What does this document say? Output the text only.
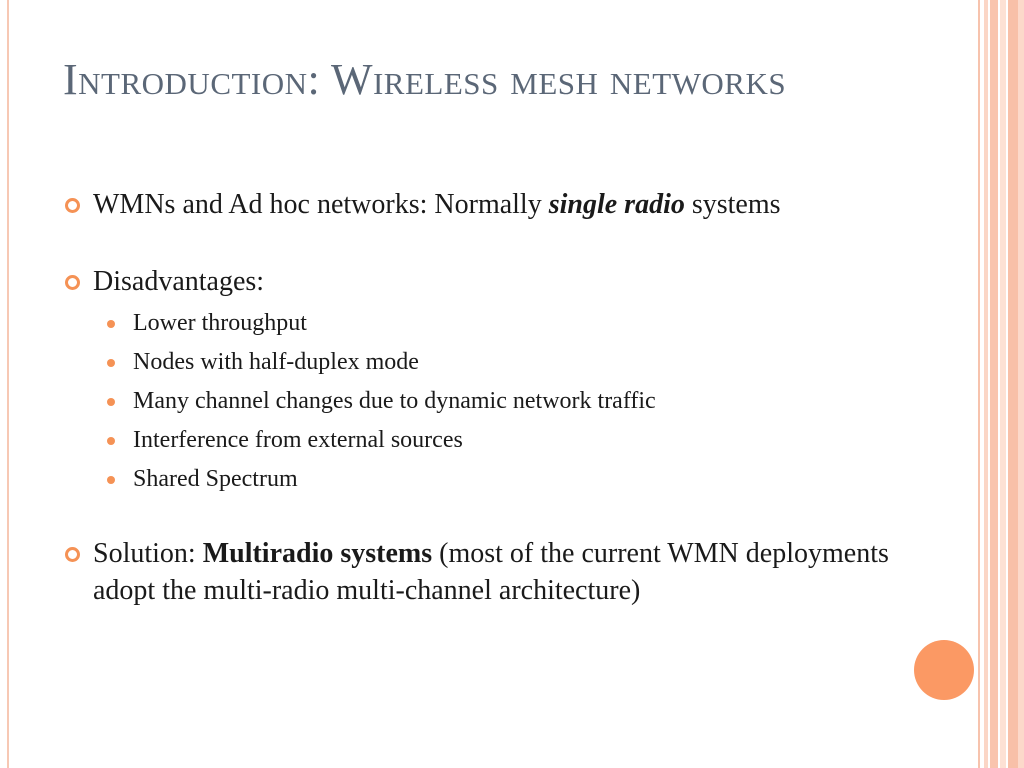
Introduction: Wireless mesh networks
WMNs and Ad hoc networks: Normally single radio systems
Disadvantages:
Lower throughput
Nodes with half-duplex mode
Many channel changes due to dynamic network traffic
Interference from external sources
Shared Spectrum
Solution: Multiradio systems (most of the current WMN deployments adopt the multi-radio multi-channel architecture)
